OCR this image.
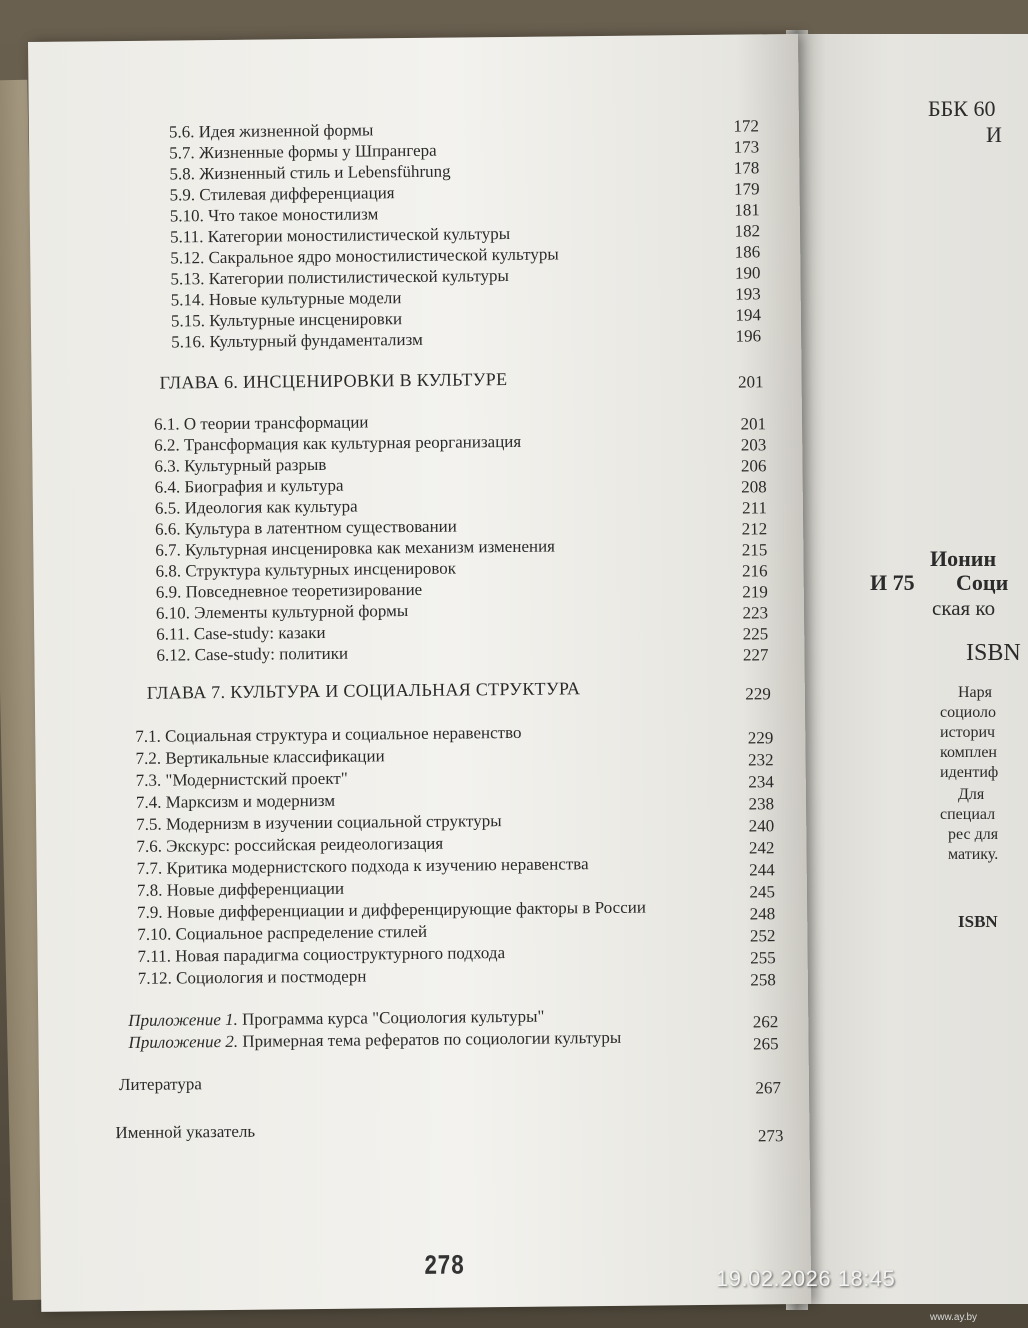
ББК 60
И
Ионин
И 75 Соци
ская ко
ISBN
Наря
социоло
историч
комплен
идентиф
Для
специал
рес для
матику.
ISBN
​
5.6. Идея жизненной формы	172
5.7. Жизненные формы у Шпрангера	173
5.8. Жизненный стиль и Lebensführung	178
5.9. Стилевая дифференциация	179
5.10. Что такое моностилизм	181
5.11. Категории моностилистической культуры	182
5.12. Сакральное ядро моностилистической культуры	186
5.13. Категории полистилистической культуры	190
5.14. Новые культурные модели	193
5.15. Культурные инсценировки	194
5.16. Культурный фундаментализм	196
ГЛАВА 6. ИНСЦЕНИРОВКИ В КУЛЬТУРЕ	201
6.1. О теории трансформации	201
6.2. Трансформация как культурная реорганизация	203
6.3. Культурный разрыв	206
6.4. Биография и культура	208
6.5. Идеология как культура	211
6.6. Культура в латентном существовании	212
6.7. Культурная инсценировка как механизм изменения	215
6.8. Структура культурных инсценировок	216
6.9. Повседневное теоретизирование	219
6.10. Элементы культурной формы	223
6.11. Case-study: казаки	225
6.12. Case-study: политики	227
ГЛАВА 7. КУЛЬТУРА И СОЦИАЛЬНАЯ СТРУКТУРА	229
7.1. Социальная структура и социальное неравенство	229
7.2. Вертикальные классификации	232
7.3. "Модернистский проект"	234
7.4. Марксизм и модернизм	238
7.5. Модернизм в изучении социальной структуры	240
7.6. Экскурс: российская реидеологизация	242
7.7. Критика модернистского подхода к изучению неравенства	244
7.8. Новые дифференциации	245
7.9. Новые дифференциации и дифференцирующие факторы в России	248
7.10. Социальное распределение стилей	252
7.11. Новая парадигма социоструктурного подхода	255
7.12. Социология и постмодерн	258
Приложение 1. Программа курса "Социология культуры"	262
Приложение 2. Примерная тема рефератов по социологии культуры	265
Литература	267
Именной указатель	273
278	19.02.2026 18:45
www.ay.by
